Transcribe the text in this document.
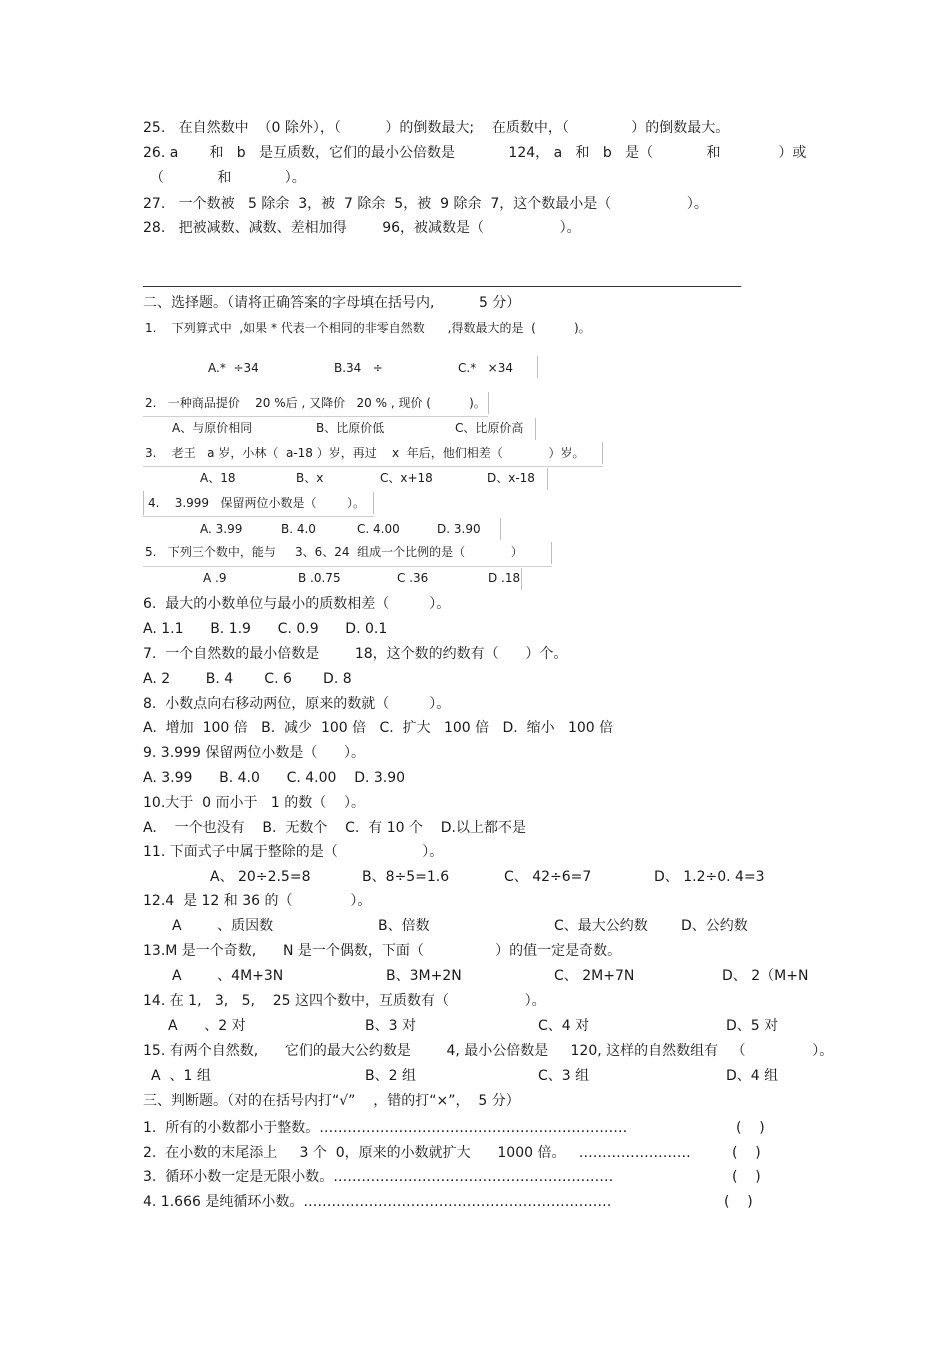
25.   在自然数中  （0 除外），（          ）的倒数最大;    在质数中，（              ）的倒数最大。
26. a       和   b   是互质数，它们的最小公倍数是            124， a   和   b   是（            和             ）或
（            和            ）。
27.   一个数被   5 除余  3，被  7 除余  5，被  9 除余  7，这个数最小是（                 ）。
28.   把被减数、减数、差相加得        96，被减数是（                 ）。
二、选择题。（请将正确答案的字母填在括号内,          5 分）
1.    下列算式中  ,如果 * 代表一个相同的非零自然数      ,得数最大的是  (          )。
A.*  ÷34	B.34   ÷	C.*   ×34
2.   一种商品提价    20 %后 , 又降价   20 % , 现价 (          )。
A、与原价相同	B、比原价低	C、比原价高
3.    老王   a 岁，小林（  a-18 ）岁，再过    x  年后，他们相差（            ）岁。
A、18	B、x	C、x+18	D、x-18
4.    3.999   保留两位小数是（        ）。
A. 3.99	B. 4.0	C. 4.00	D. 3.90
5.   下列三个数中，能与     3、6、24  组成一个比例的是（            ）
A .9	B .0.75	C .36	D .18
6.  最大的小数单位与最小的质数相差（         ）。
A. 1.1      B. 1.9      C. 0.9      D. 0.1
7.  一个自然数的最小倍数是        18，这个数的约数有（      ）个。
A. 2        B. 4       C. 6       D. 8
8.  小数点向右移动两位，原来的数就（         ）。
A.  增加  100 倍   B.  减少  100 倍   C.  扩大   100 倍   D.  缩小   100 倍
9. 3.999 保留两位小数是（      ）。
A. 3.99      B. 4.0      C. 4.00    D. 3.90
10.大于  0 而小于   1 的数（    ）。
A.    一个也没有    B.  无数个    C.  有 10 个    D.以上都不是
11. 下面式子中属于整除的是（                   ）。
A、 20÷2.5=8	B、8÷5=1.6	C、 42÷6=7	D、 1.2÷0. 4=3
12.4  是 12 和 36 的（             ）。
A        、质因数	B、倍数	C、最大公约数 D、公约数
13.M 是一个奇数,      N 是一个偶数，下面（                ）的值一定是奇数。
A        、4M+3N	B、3M+2N	C、 2M+7N	D、 2（M+N
14. 在 1,   3,   5,    25 这四个数中，互质数有（                 ）。
A      、2 对	B、3 对	C、4 对	D、5 对
15. 有两个自然数,      它们的最大公约数是        4, 最小公倍数是     120, 这样的自然数组有   （               ）。
A  、1 组	B、2 组	C、3 组	D、4 组
三、判断题。（对的在括号内打“√”    ，错的打“×”，  5 分）
1.  所有的小数都小于整数。…………………………………………………………	(    )
2.  在小数的末尾添上     3 个  0，原来的小数就扩大      1000 倍。   ……………………	(    )
3.  循环小数一定是无限小数。……………………………………………………	(    )
4. 1.666 是纯循环小数。…………………………………………………………	(    )
